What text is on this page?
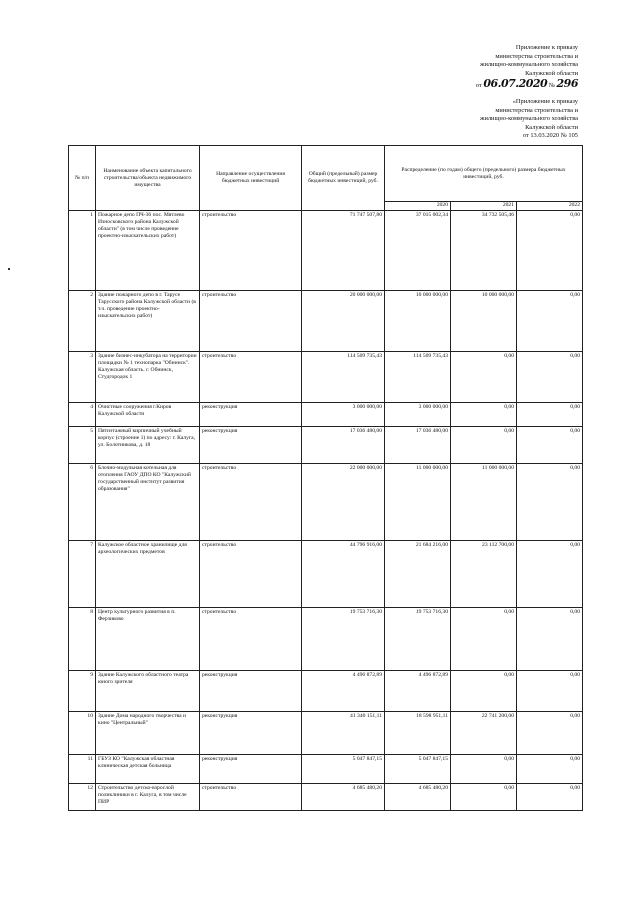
Приложение к приказу
министерства строительства и
жилищно-коммунального хозяйства
Калужской области
от 06.07.2020 № 296
«Приложение к приказу
министерства строительства и
жилищно-коммунального хозяйства
Калужской области
от 13.03.2020 № 105
№ п/п	Наименование объекта капитального строительства/объекта недвижимого имущества	Направление осуществления бюджетных инвестиций	Общий (предельный) размер бюджетных инвестиций, руб.	Распределение (по годам) общего (предельного) размера бюджетных инвестиций, руб.		
				2020	2021	2022
1	Пожарное депо ПЧ-36 пос. Мятлево Износковского района Калужской области" (в том числе проведение проектно-изыскательских работ)	строительство	71 747 507,80	37 015 002,34	34 732 505,46	0,00
2	Здание пожарного депо в г. Тарусе Тарусского района Калужской области (в т.ч. проведение проектно-изыскательских работ)	строительство	20 000 000,00	10 000 000,00	10 000 000,00	0,00
3	Здание бизнес-инкубатора на территории площадки № 1 технопарка "Обнинск". Калужская область. г. Обнинск, Студгородок 1	строительство	114 509 735,43	114 509 735,43	0,00	0,00
4	Очистные сооружения г.Киров Калужской области	реконструкция	3 000 000,00	3 000 000,00	0,00	0,00
5	Пятиэтажный кирпичный учебный корпус (строение 1) по адресу: г. Калуга, ул. Болотникова, д. 18	реконструкция	17 036 480,00	17 036 480,00	0,00	0,00
6	Блочно-модульная котельная для отопления ГАОУ ДПО КО "Калужский государственный институт развития образования"	строительство	22 000 000,00	11 000 000,00	11 000 000,00	0,00
7	Калужское областное хранилище для археологических предметов	строительство	44 796 916,00	21 684 216,00	23 112 700,00	0,00
8	Центр культурного развития в п. Ферзиково	строительство	19 753 716,30	19 753 716,30	0,00	0,00
9	Здание Калужского областного театра юного зрителя	реконструкция	4 496 872,89	4 496 872,89	0,00	0,00
10	Здание Дома народного творчества и кино "Центральный"	реконструкция	41 340 151,11	18 598 951,11	22 741 200,00	0,00
11	ГБУЗ КО "Калужская областная клиническая детская больница	реконструкция	5 047 847,15	5 047 847,15	0,00	0,00
12	Строительство детско-взрослой поликлиники в г. Калуга, в том числе ПИР	строительство	4 685 480,20	4 685 480,20	0,00	0,00
